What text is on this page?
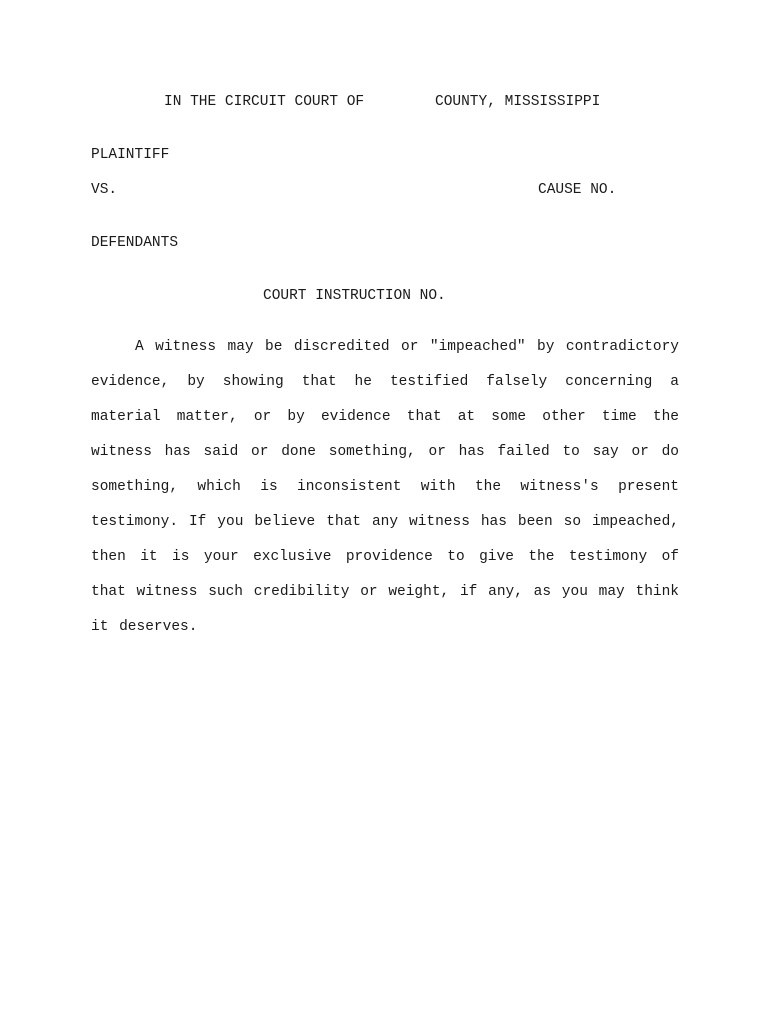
IN THE CIRCUIT COURT OF	COUNTY, MISSISSIPPI
PLAINTIFF
VS.	CAUSE NO.
DEFENDANTS
COURT INSTRUCTION NO.
A witness may be discredited or "impeached" by contradictory evidence, by showing that he testified falsely concerning a material matter, or by evidence that at some other time the witness has said or done something, or has failed to say or do something, which is inconsistent with the witness's present testimony. If you believe that any witness has been so impeached, then it is your exclusive providence to give the testimony of that witness such credibility or weight, if any, as you may think it deserves.
